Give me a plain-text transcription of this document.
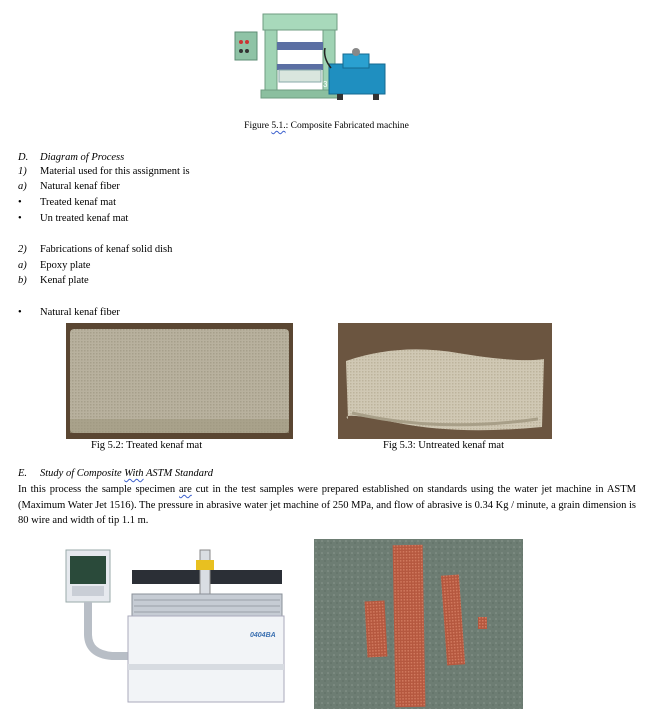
3
Figure 5.1.: Composite Fabricated machine
D. Diagram of Process
1) Material used for this assignment is
a) Natural kenaf fiber
• Treated kenaf mat
• Un treated kenaf mat
2) Fabrications of kenaf solid dish
a) Epoxy plate
b) Kenaf plate
• Natural kenaf fiber
Fig 5.2: Treated kenaf mat	Fig 5.3: Untreated kenaf mat
E. Study of Composite With ASTM Standard
In this process the sample specimen are cut in the test samples were prepared established on standards using the water jet machine in ASTM (Maximum Water Jet 1516). The pressure in abrasive water jet machine of 250 MPa, and flow of abrasive is 0.34 Kg / minute, a grain dimension is 80 wire and width of tip 1.1 m.
0404BA
